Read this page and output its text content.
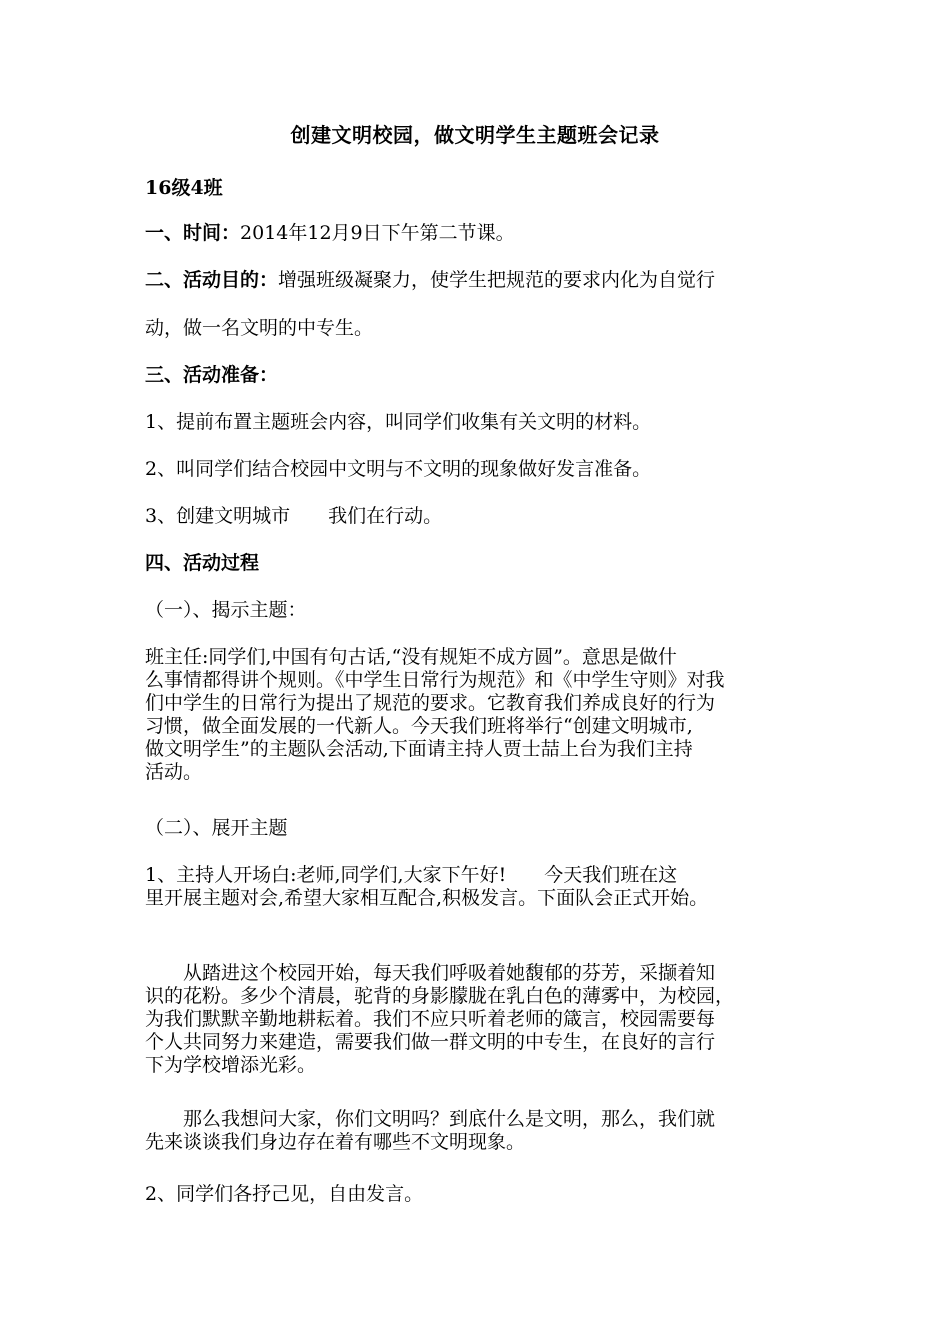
创建文明校园，做文明学生主题班会记录
16级4班
一、时间：2014年12月9日下午第二节课。
二、活动目的：增强班级凝聚力，使学生把规范的要求内化为自觉行
动，做一名文明的中专生。
三、活动准备：
1、提前布置主题班会内容，叫同学们收集有关文明的材料。
2、叫同学们结合校园中文明与不文明的现象做好发言准备。
3、创建文明城市　　我们在行动。
四、活动过程
（一）、揭示主题：
班主任:同学们,中国有句古话,“没有规矩不成方圆”。意思是做什
么事情都得讲个规则。《中学生日常行为规范》和《中学生守则》对我
们中学生的日常行为提出了规范的要求。它教育我们养成良好的行为
习惯，做全面发展的一代新人。今天我们班将举行“创建文明城市,
做文明学生”的主题队会活动,下面请主持人贾士喆上台为我们主持
活动。
（二）、展开主题
1、主持人开场白:老师,同学们,大家下午好!　　今天我们班在这
里开展主题对会,希望大家相互配合,积极发言。下面队会正式开始。
　　从踏进这个校园开始，每天我们呼吸着她馥郁的芬芳，采撷着知
识的花粉。多少个清晨，驼背的身影朦胧在乳白色的薄雾中，为校园，
为我们默默辛勤地耕耘着。我们不应只听着老师的箴言，校园需要每
个人共同努力来建造，需要我们做一群文明的中专生，在良好的言行
下为学校增添光彩。
　　那么我想问大家，你们文明吗？到底什么是文明，那么，我们就
先来谈谈我们身边存在着有哪些不文明现象。
2、同学们各抒己见，自由发言。
